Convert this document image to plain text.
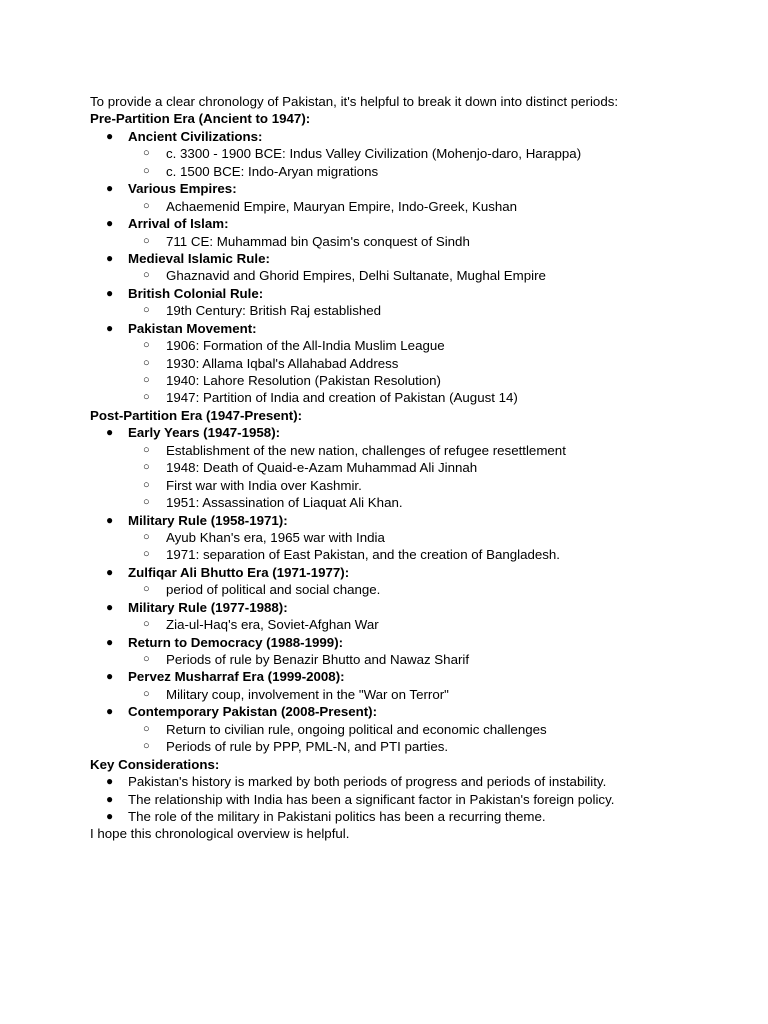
To provide a clear chronology of Pakistan, it's helpful to break it down into distinct periods:
Pre-Partition Era (Ancient to 1947):
● Ancient Civilizations:
○ c. 3300 - 1900 BCE: Indus Valley Civilization (Mohenjo-daro, Harappa)
○ c. 1500 BCE: Indo-Aryan migrations
● Various Empires:
○ Achaemenid Empire, Mauryan Empire, Indo-Greek, Kushan
● Arrival of Islam:
○ 711 CE: Muhammad bin Qasim's conquest of Sindh
● Medieval Islamic Rule:
○ Ghaznavid and Ghorid Empires, Delhi Sultanate, Mughal Empire
● British Colonial Rule:
○ 19th Century: British Raj established
● Pakistan Movement:
○ 1906: Formation of the All-India Muslim League
○ 1930: Allama Iqbal's Allahabad Address
○ 1940: Lahore Resolution (Pakistan Resolution)
○ 1947: Partition of India and creation of Pakistan (August 14)
Post-Partition Era (1947-Present):
● Early Years (1947-1958):
○ Establishment of the new nation, challenges of refugee resettlement
○ 1948: Death of Quaid-e-Azam Muhammad Ali Jinnah
○ First war with India over Kashmir.
○ 1951: Assassination of Liaquat Ali Khan.
● Military Rule (1958-1971):
○ Ayub Khan's era, 1965 war with India
○ 1971: separation of East Pakistan, and the creation of Bangladesh.
● Zulfiqar Ali Bhutto Era (1971-1977):
○ period of political and social change.
● Military Rule (1977-1988):
○ Zia-ul-Haq's era, Soviet-Afghan War
● Return to Democracy (1988-1999):
○ Periods of rule by Benazir Bhutto and Nawaz Sharif
● Pervez Musharraf Era (1999-2008):
○ Military coup, involvement in the "War on Terror"
● Contemporary Pakistan (2008-Present):
○ Return to civilian rule, ongoing political and economic challenges
○ Periods of rule by PPP, PML-N, and PTI parties.
Key Considerations:
● Pakistan's history is marked by both periods of progress and periods of instability.
● The relationship with India has been a significant factor in Pakistan's foreign policy.
● The role of the military in Pakistani politics has been a recurring theme.
I hope this chronological overview is helpful.
